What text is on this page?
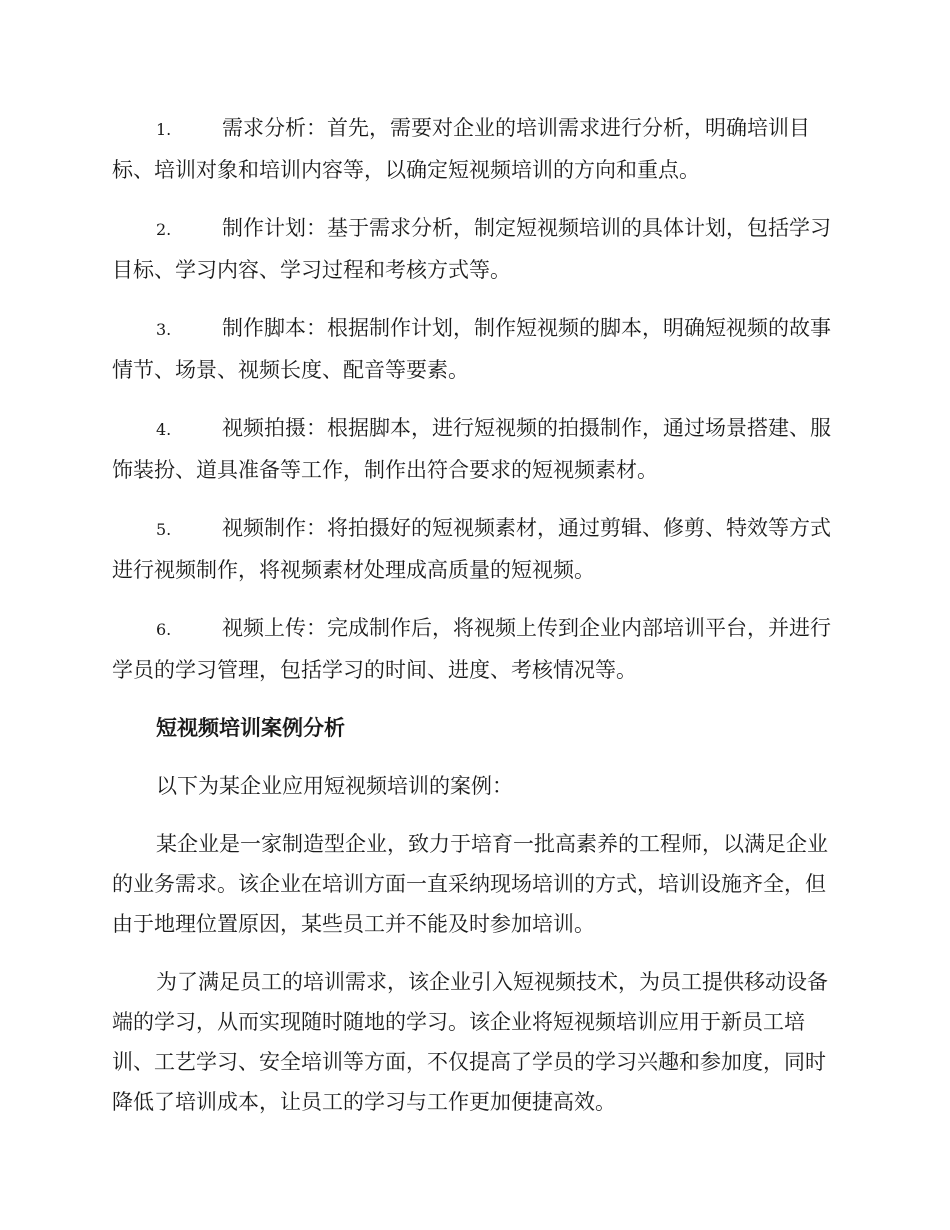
1. 需求分析：首先，需要对企业的培训需求进行分析，明确培训目标、培训对象和培训内容等，以确定短视频培训的方向和重点。
2. 制作计划：基于需求分析，制定短视频培训的具体计划，包括学习目标、学习内容、学习过程和考核方式等。
3. 制作脚本：根据制作计划，制作短视频的脚本，明确短视频的故事情节、场景、视频长度、配音等要素。
4. 视频拍摄：根据脚本，进行短视频的拍摄制作，通过场景搭建、服饰装扮、道具准备等工作，制作出符合要求的短视频素材。
5. 视频制作：将拍摄好的短视频素材，通过剪辑、修剪、特效等方式进行视频制作，将视频素材处理成高质量的短视频。
6. 视频上传：完成制作后，将视频上传到企业内部培训平台，并进行学员的学习管理，包括学习的时间、进度、考核情况等。
短视频培训案例分析
以下为某企业应用短视频培训的案例：
某企业是一家制造型企业，致力于培育一批高素养的工程师，以满足企业的业务需求。该企业在培训方面一直采纳现场培训的方式，培训设施齐全，但由于地理位置原因，某些员工并不能及时参加培训。
为了满足员工的培训需求，该企业引入短视频技术，为员工提供移动设备端的学习，从而实现随时随地的学习。该企业将短视频培训应用于新员工培训、工艺学习、安全培训等方面，不仅提高了学员的学习兴趣和参加度，同时降低了培训成本，让员工的学习与工作更加便捷高效。
